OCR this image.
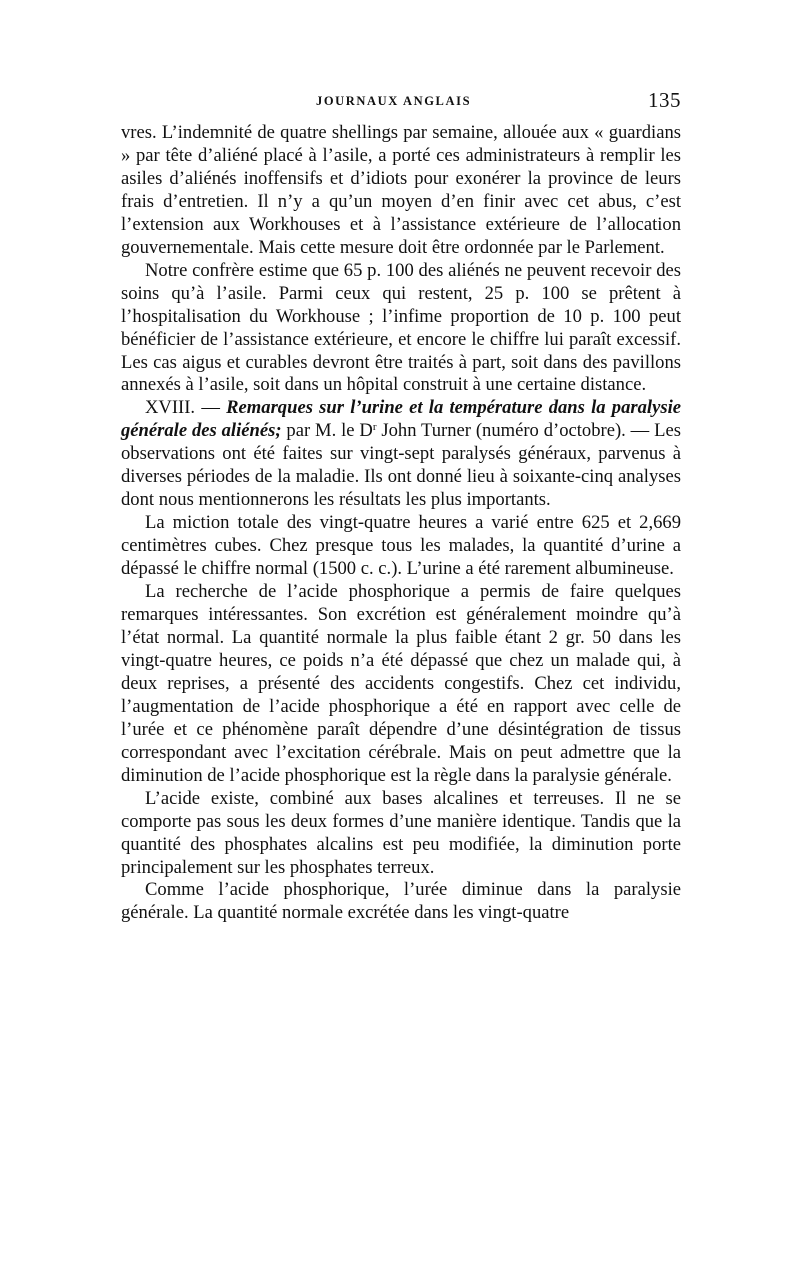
JOURNAUX ANGLAIS	135

vres. L’indemnité de quatre shellings par semaine, allouée aux « guardians » par tête d’aliéné placé à l’asile, a porté ces administrateurs à remplir les asiles d’aliénés inoffensifs et d’idiots pour exonérer la province de leurs frais d’entretien. Il n’y a qu’un moyen d’en finir avec cet abus, c’est l’extension aux Workhouses et à l’assistance extérieure de l’allocation gouvernementale. Mais cette mesure doit être ordonnée par le Parlement.

Notre confrère estime que 65 p. 100 des aliénés ne peuvent recevoir des soins qu’à l’asile. Parmi ceux qui restent, 25 p. 100 se prêtent à l’hospitalisation du Workhouse ; l’infime proportion de 10 p. 100 peut bénéficier de l’assistance extérieure, et encore le chiffre lui paraît excessif. Les cas aigus et curables devront être traités à part, soit dans des pavillons annexés à l’asile, soit dans un hôpital construit à une certaine distance.

XVIII. — Remarques sur l’urine et la température dans la paralysie générale des aliénés; par M. le $D^r$ John Turner (numéro d’octobre). — Les observations ont été faites sur vingt-sept paralysés généraux, parvenus à diverses périodes de la maladie. Ils ont donné lieu à soixante-cinq analyses dont nous mentionnerons les résultats les plus importants.

La miction totale des vingt-quatre heures a varié entre 625 et 2,669 centimètres cubes. Chez presque tous les malades, la quantité d’urine a dépassé le chiffre normal (1500 c. c.). L’urine a été rarement albumineuse.

La recherche de l’acide phosphorique a permis de faire quelques remarques intéressantes. Son excrétion est généralement moindre qu’à l’état normal. La quantité normale la plus faible étant 2 gr. 50 dans les vingt-quatre heures, ce poids n’a été dépassé que chez un malade qui, à deux reprises, a présenté des accidents congestifs. Chez cet individu, l’augmentation de l’acide phosphorique a été en rapport avec celle de l’urée et ce phénomène paraît dépendre d’une désintégration de tissus correspondant avec l’excitation cérébrale. Mais on peut admettre que la diminution de l’acide phosphorique est la règle dans la paralysie générale.

L’acide existe, combiné aux bases alcalines et terreuses. Il ne se comporte pas sous les deux formes d’une manière identique. Tandis que la quantité des phosphates alcalins est peu modifiée, la diminution porte principalement sur les phosphates terreux.

Comme l’acide phosphorique, l’urée diminue dans la paralysie générale. La quantité normale excrétée dans les vingt-quatre
